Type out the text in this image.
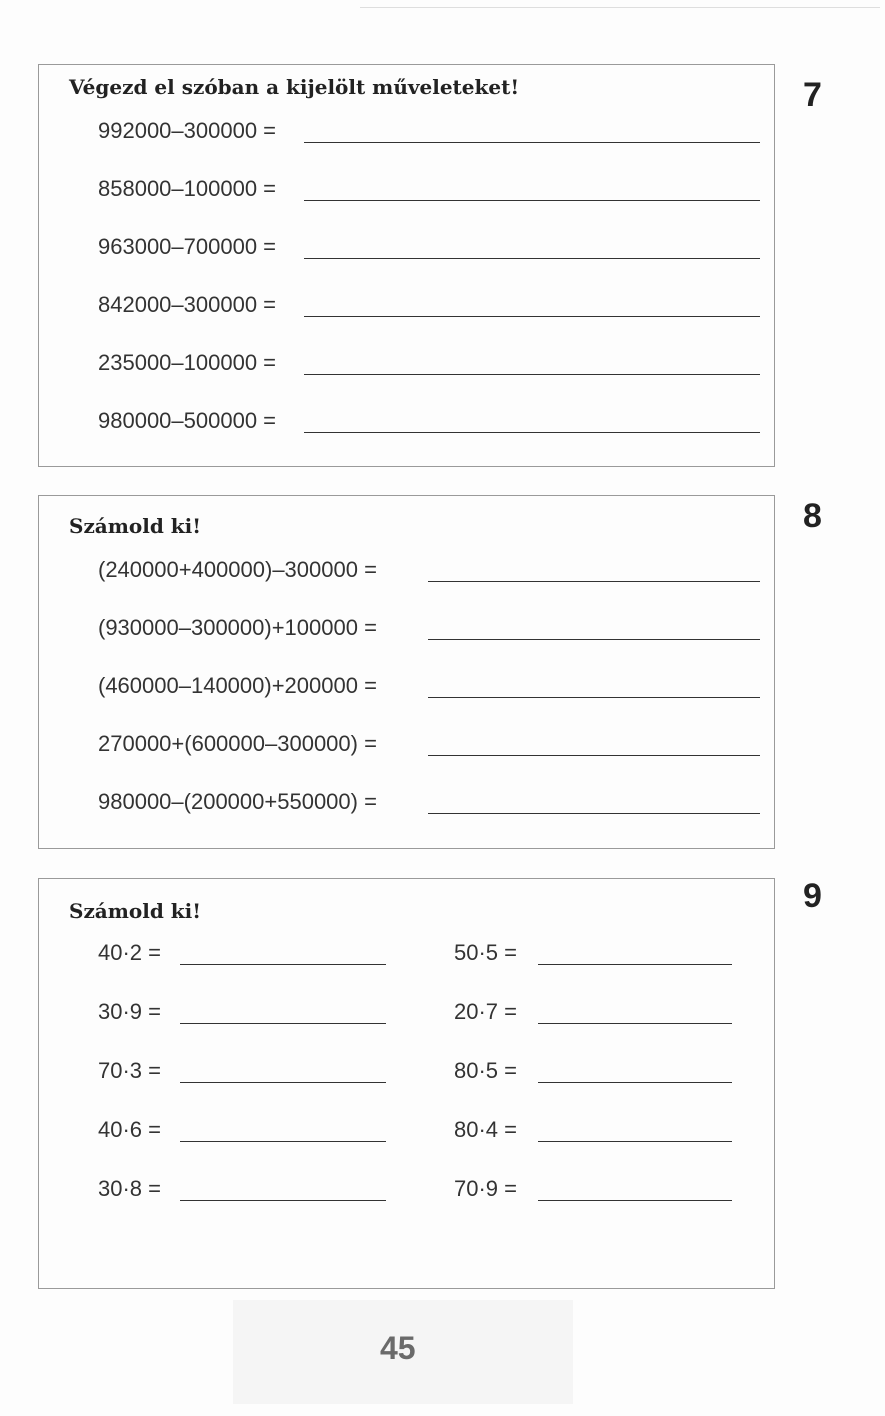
Végezd el szóban a kijelölt műveleteket!
992000–300000 =
858000–100000 =
963000–700000 =
842000–300000 =
235000–100000 =
980000–500000 =
7
Számold ki!
(240000+400000)–300000 =
(930000–300000)+100000 =
(460000–140000)+200000 =
270000+(600000–300000) =
980000–(200000+550000) =
8
Számold ki!
40·2 =
30·9 =
70·3 =
40·6 =
30·8 =
50·5 =
20·7 =
80·5 =
80·4 =
70·9 =
9
45
